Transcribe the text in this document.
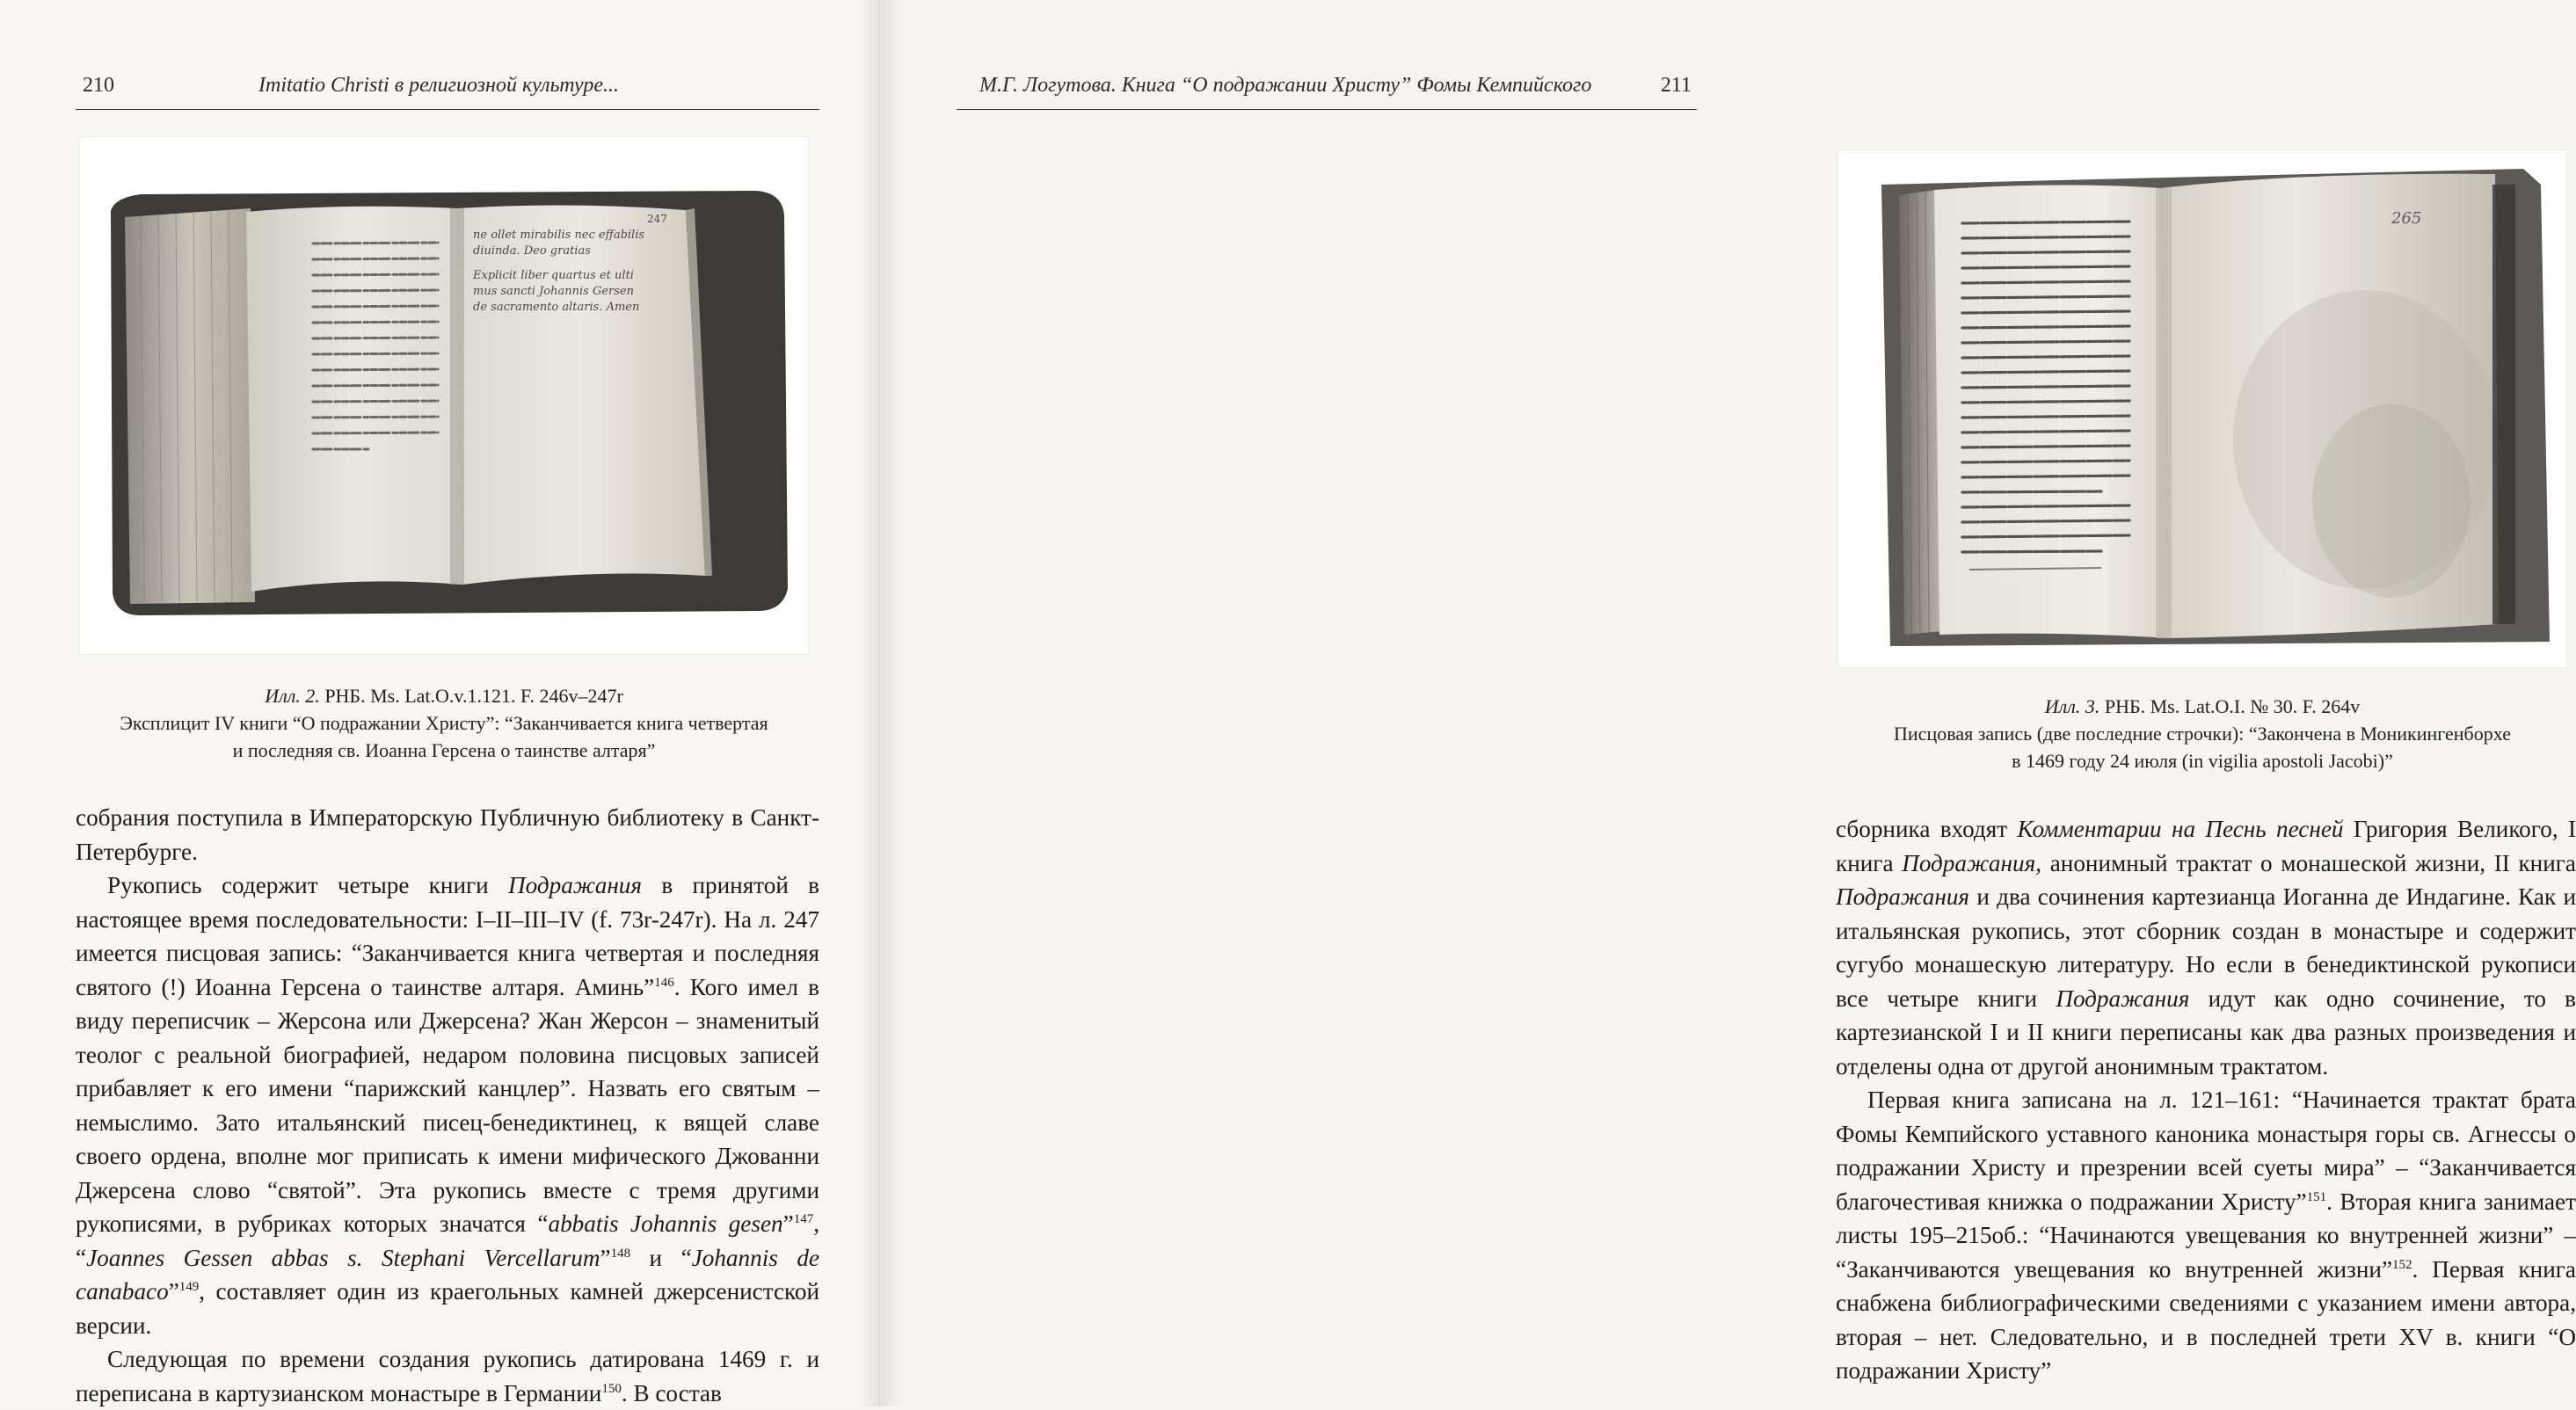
210	Imitatio Christi в религиозной культуре...
ne ollet mirabilis nec effabilis
diuinda. Deo gratias
Explicit liber quartus et ulti
mus sancti Johannis Gersen
de sacramento altaris. Amen
247
Илл. 2. РНБ. Ms. Lat.O.v.1.121. F. 246v–247r
Эксплицит IV книги “О подражании Христу”: “Заканчивается книга четвертая
и последняя св. Иоанна Герсена о таинстве алтаря”

собрания поступила в Императорскую Публичную библиотеку в Санкт-Петербурге.

Рукопись содержит четыре книги Подражания в принятой в настоящее время последовательности: I–II–III–IV (f. 73r-247r). На л. 247 имеется писцовая запись: “Заканчивается книга четвертая и последняя святого (!) Иоанна Герсена о таинстве алтаря. Аминь”$^{146}$. Кого имел в виду переписчик – Жерсона или Джерсена? Жан Жерсон – знаменитый теолог с реальной биографией, недаром половина писцовых записей прибавляет к его имени “парижский канцлер”. Назвать его святым – немыслимо. Зато итальянский писец-бенедиктинец, к вящей славе своего ордена, вполне мог приписать к имени мифического Джованни Джерсена слово “святой”. Эта рукопись вместе с тремя другими рукописями, в рубриках которых значатся “abbatis Johannis gesen”$^{147}$, “Joannes Gessen abbas s. Stephani Vercellarum”$^{148}$ и “Johannis de canabaco”$^{149}$, составляет один из краегольных камней джерсенистской версии.

Следующая по времени создания рукопись датирована 1469 г. и переписана в картузианском монастыре в Германии$^{150}$. В состав

М.Г. Логутова. Книга “О подражании Христу” Фомы Кемпийского	211
265
Илл. 3. РНБ. Ms. Lat.O.I. № 30. F. 264v
Писцовая запись (две последние строчки): “Закончена в Моникингенборхе
в 1469 году 24 июля (in vigilia apostoli Jacobi)”

сборника входят Комментарии на Песнь песней Григория Великого, I книга Подражания, анонимный трактат о монашеской жизни, II книга Подражания и два сочинения картезианца Иоганна де Индагине. Как и итальянская рукопись, этот сборник создан в монастыре и содержит сугубо монашескую литературу. Но если в бенедиктинской рукописи все четыре книги Подражания идут как одно сочинение, то в картезианской I и II книги переписаны как два разных произведения и отделены одна от другой анонимным трактатом.

Первая книга записана на л. 121–161: “Начинается трактат брата Фомы Кемпийского уставного каноника монастыря горы св. Агнессы о подражании Христу и презрении всей суеты мира” – “Заканчивается благочестивая книжка о подражании Христу”$^{151}$. Вторая книга занимает листы 195–215об.: “Начинаются увещевания ко внутренней жизни” – “Заканчиваются увещевания ко внутренней жизни”$^{152}$. Первая книга снабжена библиографическими сведениями с указанием имени автора, вторая – нет. Следовательно, и в последней трети XV в. книги “О подражании Христу”
